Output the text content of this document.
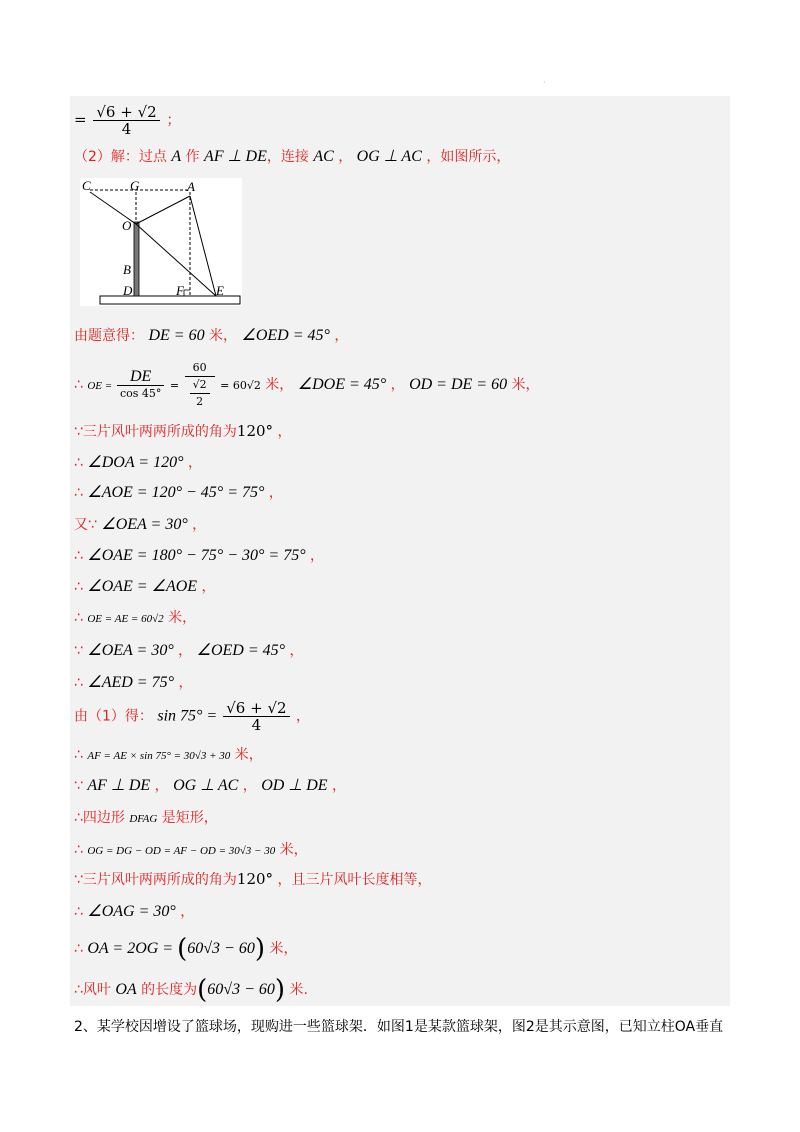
·
= $\frac{√6 + √2}{4}$ ；
（2）解：过点 A 作 AF ⊥ DE，连接 AC ， OG ⊥ AC ，如图所示，
C	G	A
O
B
D	F E
由题意得： DE = 60 米， ∠OED = 45° ，
∴ OE = $\frac{DE}{\cos 45^\circ} = \frac{60}{\frac{√2}{2}} = 60√2$ 米， ∠DOE = 45° ， OD = DE = 60 米，
∵三片风叶两两所成的角为120° ，
∴ ∠DOA = 120° ，
∴ ∠AOE = 120° − 45° = 75° ，
又∵ ∠OEA = 30° ，
∴ ∠OAE = 180° − 75° − 30° = 75° ，
∴ ∠OAE = ∠AOE ，
∴ OE = AE = 60√2 米，
∵ ∠OEA = 30° ， ∠OED = 45° ，
∴ ∠AED = 75° ，
由（1）得： $\sin 75^\circ = \frac{√6 + √2}{4}$ ，
∴ AF = AE × sin 75° = 30√3 + 30 米，
∵ AF ⊥ DE ， OG ⊥ AC ， OD ⊥ DE ，
∴四边形 DFAG 是矩形，
∴ OG = DG − OD = AF − OD = 30√3 − 30 米，
∵三片风叶两两所成的角为120° ，且三片风叶长度相等，
∴ ∠OAG = 30° ，
∴ OA = 2OG = (60√3 − 60) 米，
∴风叶 OA 的长度为(60√3 − 60) 米.
2、某学校因增设了篮球场，现购进一些篮球架．如图1是某款篮球架，图2是其示意图，已知立柱OA垂直
